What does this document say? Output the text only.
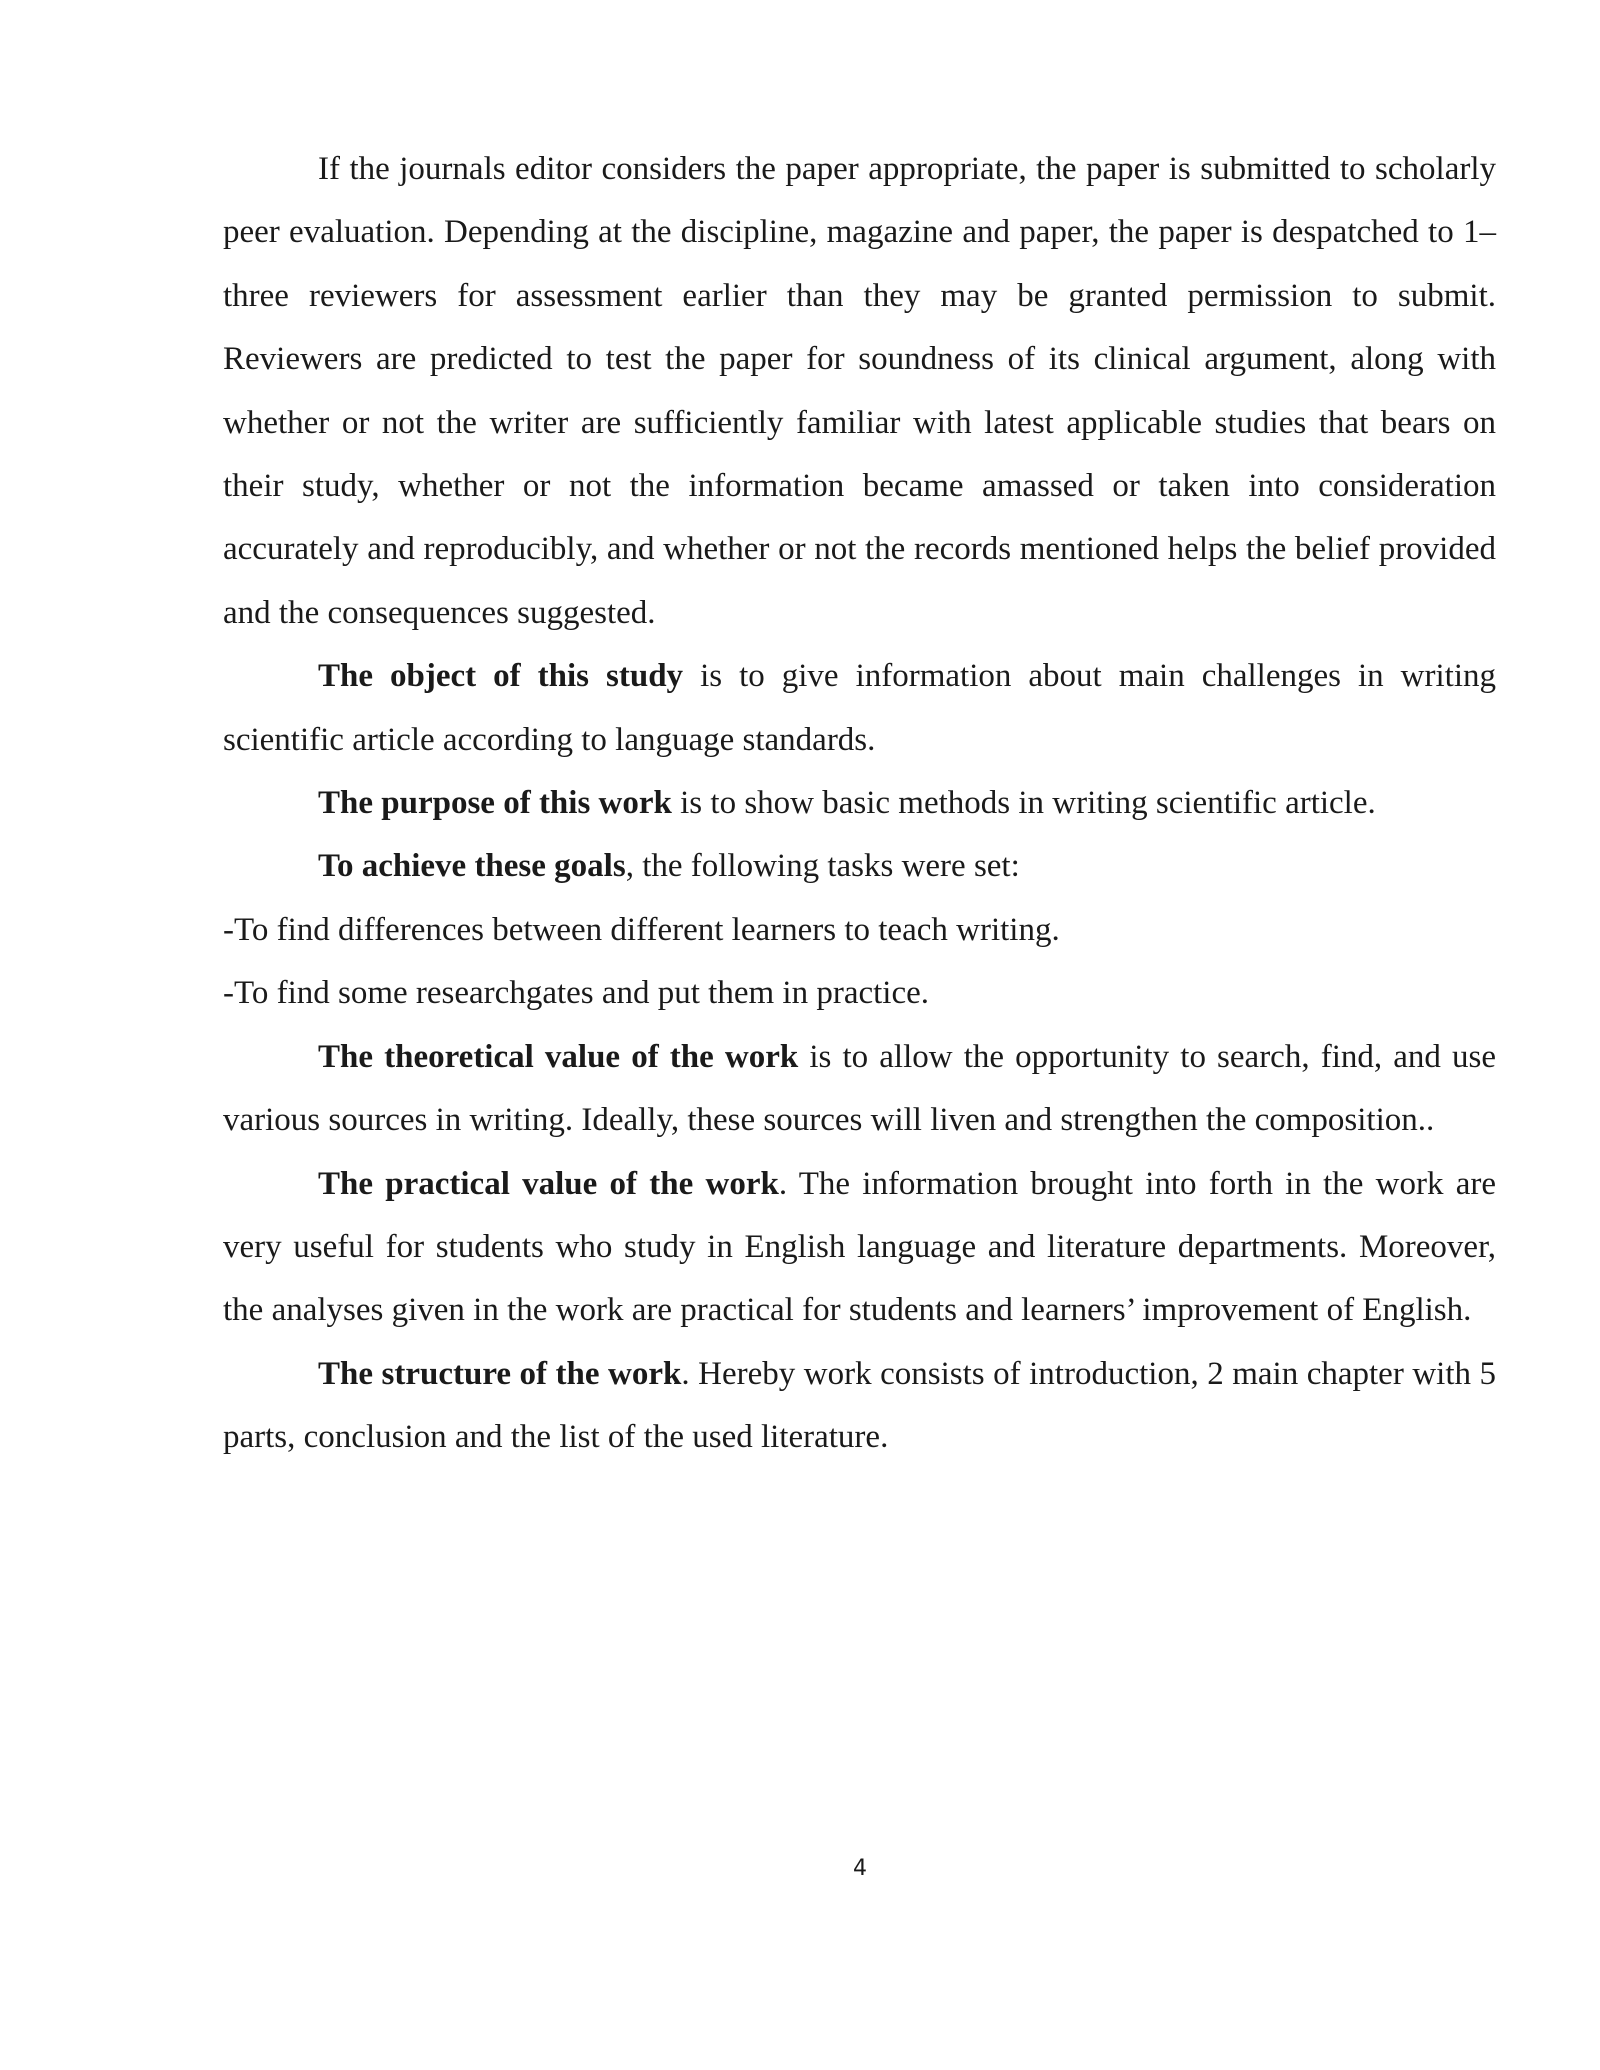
If the journals editor considers the paper appropriate, the paper is submitted to scholarly peer evaluation. Depending at the discipline, magazine and paper, the paper is despatched to 1–three reviewers for assessment earlier than they may be granted permission to submit. Reviewers are predicted to test the paper for soundness of its clinical argument, along with whether or not the writer are sufficiently familiar with latest applicable studies that bears on their study, whether or not the information became amassed or taken into consideration accurately and reproducibly, and whether or not the records mentioned helps the belief provided and the consequences suggested.

The object of this study is to give information about main challenges in writing scientific article according to language standards.

The purpose of this work is to show basic methods in writing scientific article.

To achieve these goals, the following tasks were set:

-To find differences between different learners to teach writing.

-To find some researchgates and put them in practice.

The theoretical value of the work is to allow the opportunity to search, find, and use various sources in writing. Ideally, these sources will liven and strengthen the composition..

The practical value of the work. The information brought into forth in the work are very useful for students who study in English language and literature departments. Moreover, the analyses given in the work are practical for students and learners’ improvement of English.

The structure of the work. Hereby work consists of introduction, 2 main chapter with 5 parts, conclusion and the list of the used literature.

4
